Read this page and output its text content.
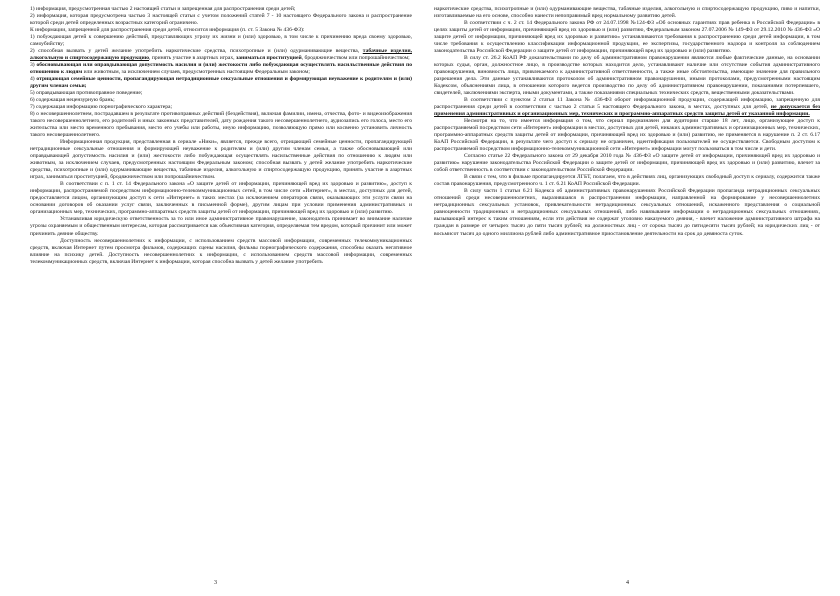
1) информация, предусмотренная частью 2 настоящей статьи и запрещенная для распространения среди детей;

2) информация, которая предусмотрена частью 3 настоящей статьи с учетом положений статей 7 - 10 настоящего Федерального закона и распространение которой среди детей определенных возрастных категорий ограничено.

К информации, запрещенной для распространения среди детей, относится информация (п. ст. 5 Закона № 436-ФЗ):

1) побуждающая детей к совершению действий, представляющих угрозу их жизни и (или) здоровью, в том числе к причинению вреда своему здоровью, самоубийству;

2) способная вызвать у детей желание употребить наркотические средства, психотропные и (или) одурманивающие вещества, табачные изделия, алкогольную и спиртосодержащую продукцию, принять участие в азартных играх, заниматься проституцией, бродяжничеством или попрошайничеством;

3) обосновывающая или оправдывающая допустимость насилия и (или) жестокости либо побуждающая осуществлять насильственные действия по отношению к людям или животным, за исключением случаев, предусмотренных настоящим Федеральным законом;

4) отрицающая семейные ценности, пропагандирующая нетрадиционные сексуальные отношения и формирующая неуважение к родителям и (или) другим членам семьи;

5) оправдывающая противоправное поведение;

6) содержащая нецензурную брань;

7) содержащая информацию порнографического характера;

8) о несовершеннолетнем, пострадавшем в результате противоправных действий (бездействия), включая фамилии, имена, отчества, фото- и видеоизображения такого несовершеннолетнего, его родителей и иных законных представителей, дату рождения такого несовершеннолетнего, аудиозапись его голоса, место его жительства или место временного пребывания, место его учебы или работы, иную информацию, позволяющую прямо или косвенно установить личность такого несовершеннолетнего.

Информационная продукция, представленная в сериале «Ники», является, прежде всего, отрицающей семейные ценности, пропагандирующей нетрадиционные сексуальные отношения и формирующей неуважение к родителям и (или) другим членам семьи, а также обосновывающей или оправдывающей допустимость насилия и (или) жестокости либо побуждающая осуществлять насильственные действия по отношению к людям или животным, за исключением случаев, предусмотренных настоящим Федеральным законом; способная вызвать у детей желание употребить наркотические средства, психотропные и (или) одурманивающие вещества, табачные изделия, алкогольную и спиртосодержащую продукцию, принять участие в азартных играх, заниматься проституцией, бродяжничеством или попрошайничеством.

В соответствии с п. 1 ст. 14 Федерального закона «О защите детей от информации, причиняющей вред их здоровью и развитию», доступ к информации, распространяемой посредством информационно-телекоммуникационных сетей, в том числе сети «Интернет», в местах, доступных для детей, предоставляется лицом, организующим доступ к сети «Интернет» в таких местах (за исключением операторов связи, оказывающих эти услуги связи на основании договоров об оказании услуг связи, заключенных в письменной форме), другим лицам при условии применения административных и организационных мер, технических, программно-аппаратных средств защиты детей от информации, причиняющей вред их здоровью и (или) развитию.

Устанавливая юридическую ответственность за то или иное административное правонарушение, законодатель принимает во внимание наличие угрозы охраняемым и общественным интересам, которая рассматривается как объективная категория, определяемая тем вредом, который причинит или может причинить деяние обществу.

Доступность несовершеннолетних к информации, с использованием средств массовой информации, современных телекоммуникационных средств, включая Интернет путем просмотра фильмов, содержащих сцены насилия, фильмы порнографического содержания, способны оказать негативное влияние на психику детей. Доступность несовершеннолетних к информации, с использованием средств массовой информации, современных телекоммуникационных средств, включая Интернет к информации, которая способна вызвать у детей желание употребить

3

наркотические средства, психотропные и (или) одурманивающие вещества, табачные изделия, алкогольную и спиртосодержащую продукцию, пиво и напитки, изготавливаемые на его основе, способно нанести непоправимый вред нормальному развитию детей.

В соответствии с ч. 2 ст. 14 Федерального закона РФ от 24.07.1998 №124-ФЗ «Об основных гарантиях прав ребенка в Российской Федерации» в целях защиты детей от информации, причиняющей вред их здоровью и (или) развитию, Федеральным законом 27.07.2006 № 149-ФЗ от 29.12.2010 № 436-ФЗ «О защите детей от информации, причиняющей вред их здоровью и развитию» устанавливаются требования к распространению среди детей информации, в том числе требования к осуществлению классификации информационной продукции, ее экспертизы, государственного надзора и контроля за соблюдением законодательства Российской Федерации о защите детей от информации, причиняющей вред их здоровью и (или) развитию.

В силу ст. 26.2 КоАП РФ доказательствами по делу об административном правонарушении являются любые фактические данные, на основании которых судья, орган, должностное лицо, в производстве которых находится дело, устанавливают наличие или отсутствие события административного правонарушения, виновность лица, привлекаемого к административной ответственности, а также иные обстоятельства, имеющие значение для правильного разрешения дела. Эти данные устанавливаются протоколом об административном правонарушении, иными протоколами, предусмотренными настоящим Кодексом, объяснениями лица, в отношении которого ведется производство по делу об административном правонарушении, показаниями потерпевшего, свидетелей, заключениями эксперта, иными документами, а также показаниями специальных технических средств, вещественными доказательствами.

В соответствии с пунктом 2 статьи 11 Закона № 436-ФЗ оборот информационной продукции, содержащей информацию, запрещенную для распространения среди детей в соответствии с частью 2 статьи 5 настоящего Федерального закона, в местах, доступных для детей, не допускается без применения административных и организационных мер, технических и программно-аппаратных средств защиты детей от указанной информации.

Несмотря на то, что имеется информация о том, что сериал предназначен для аудитории старше 18 лет, лицо, организующее доступ к распространяемой посредством сети «Интернет» информации в местах, доступных для детей, никаких административных и организационных мер, технических, программно-аппаратных средств защиты детей от информации, причиняющей вред их здоровью и (или) развитию, не применяется в нарушение п. 2 ст. 6.17 КоАП Российской Федерации, в результате чего доступ к сериалу не ограничен, идентификация пользователей не осуществляется. Свободным доступом к распространяемой посредством информационно-телекоммуникационной сети «Интернет» информации могут пользоваться в том числе и дети.

Согласно статье 22 Федерального закона от 29 декабря 2010 года № 436-ФЗ «О защите детей от информации, причиняющей вред их здоровью и развитию» нарушение законодательства Российской Федерации о защите детей от информации, причиняющей вред их здоровью и (или) развитию, влечет за собой ответственность в соответствии с законодательством Российской Федерации.

В связи с тем, что в фильме пропагандируется ЛГБТ, полагаем, что в действиях лиц, организующих свободный доступ к сериалу, содержится также состав правонарушения, предусмотренного ч. 1 ст. 6.21 КоАП Российской Федерации.

В силу части 1 статьи 6.21 Кодекса об административных правонарушениях Российской Федерации пропаганда нетрадиционных сексуальных отношений среди несовершеннолетних, выразившаяся в распространении информации, направленной на формирование у несовершеннолетних нетрадиционных сексуальных установок, привлекательности нетрадиционных сексуальных отношений, искаженного представления о социальной равноценности традиционных и нетрадиционных сексуальных отношений, либо навязывание информации о нетрадиционных сексуальных отношениях, вызывающей интерес к таким отношениям, если эти действия не содержат уголовно наказуемого деяния, - влечет наложение административного штрафа на граждан в размере от четырех тысяч до пяти тысяч рублей; на должностных лиц - от сорока тысяч до пятидесяти тысяч рублей; на юридических лиц - от восьмисот тысяч до одного миллиона рублей либо административное приостановление деятельности на срок до девяноста суток.

4
